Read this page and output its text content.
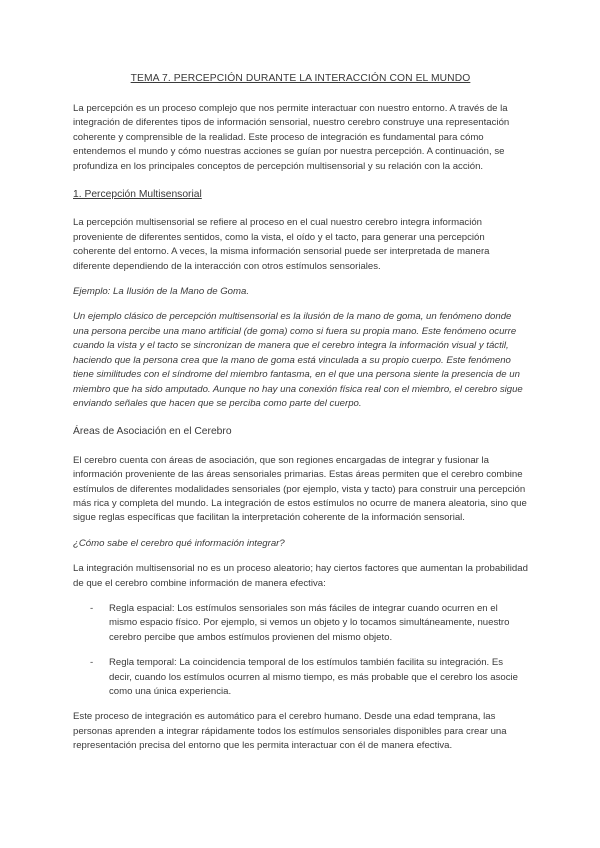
TEMA 7. PERCEPCIÓN DURANTE LA INTERACCIÓN CON EL MUNDO

La percepción es un proceso complejo que nos permite interactuar con nuestro entorno. A través de la integración de diferentes tipos de información sensorial, nuestro cerebro construye una representación coherente y comprensible de la realidad. Este proceso de integración es fundamental para cómo entendemos el mundo y cómo nuestras acciones se guían por nuestra percepción. A continuación, se profundiza en los principales conceptos de percepción multisensorial y su relación con la acción.

1. Percepción Multisensorial

La percepción multisensorial se refiere al proceso en el cual nuestro cerebro integra información proveniente de diferentes sentidos, como la vista, el oído y el tacto, para generar una percepción coherente del entorno. A veces, la misma información sensorial puede ser interpretada de manera diferente dependiendo de la interacción con otros estímulos sensoriales.

Ejemplo: La Ilusión de la Mano de Goma.

Un ejemplo clásico de percepción multisensorial es la ilusión de la mano de goma, un fenómeno donde una persona percibe una mano artificial (de goma) como si fuera su propia mano. Este fenómeno ocurre cuando la vista y el tacto se sincronizan de manera que el cerebro integra la información visual y táctil, haciendo que la persona crea que la mano de goma está vinculada a su propio cuerpo. Este fenómeno tiene similitudes con el síndrome del miembro fantasma, en el que una persona siente la presencia de un miembro que ha sido amputado. Aunque no hay una conexión física real con el miembro, el cerebro sigue enviando señales que hacen que se perciba como parte del cuerpo.

Áreas de Asociación en el Cerebro

El cerebro cuenta con áreas de asociación, que son regiones encargadas de integrar y fusionar la información proveniente de las áreas sensoriales primarias. Estas áreas permiten que el cerebro combine estímulos de diferentes modalidades sensoriales (por ejemplo, vista y tacto) para construir una percepción más rica y completa del mundo. La integración de estos estímulos no ocurre de manera aleatoria, sino que sigue reglas específicas que facilitan la interpretación coherente de la información sensorial.

¿Cómo sabe el cerebro qué información integrar?

La integración multisensorial no es un proceso aleatorio; hay ciertos factores que aumentan la probabilidad de que el cerebro combine información de manera efectiva:

- Regla espacial: Los estímulos sensoriales son más fáciles de integrar cuando ocurren en el mismo espacio físico. Por ejemplo, si vemos un objeto y lo tocamos simultáneamente, nuestro cerebro percibe que ambos estímulos provienen del mismo objeto.

- Regla temporal: La coincidencia temporal de los estímulos también facilita su integración. Es decir, cuando los estímulos ocurren al mismo tiempo, es más probable que el cerebro los asocie como una única experiencia.

Este proceso de integración es automático para el cerebro humano. Desde una edad temprana, las personas aprenden a integrar rápidamente todos los estímulos sensoriales disponibles para crear una representación precisa del entorno que les permita interactuar con él de manera efectiva.
